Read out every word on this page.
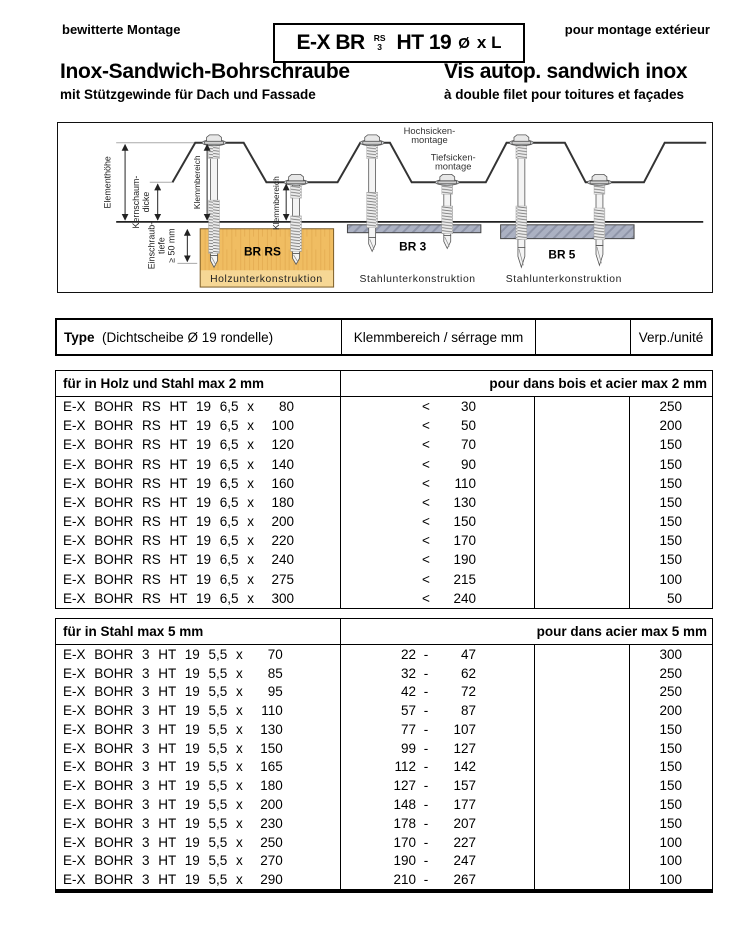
bewitterte Montage
E-X BR RS
3 HT 19 Ø x L
pour montage extérieur
Inox-Sandwich-Bohrschraube
mit Stützgewinde für Dach und Fassade
Vis autop. sandwich inox
à double filet pour toitures et façades
Elementhöhe Kernschaum- dicke
Einschraub- tiefe ≥ 50 mm
Klemmbereich	Klemmbereich
Hochsicken-
montage
Tiefsicken-
montage
BR RS	BR 3
BR 5
Holzunterkonstruktion	Stahlunterkonstruktion	Stahlunterkonstruktion
Type  (Dichtscheibe Ø 19 rondelle)	Klemmbereich / sérrage mm	Verp./unité
für in Holz und Stahl max 2 mm	pour dans bois et acier max 2 mm
E-X BOHR RS HT 19 6,5 x	80	<	30	250
E-X BOHR RS HT 19 6,5 x	100	<	50	200
E-X BOHR RS HT 19 6,5 x	120	<	70	150
E-X BOHR RS HT 19 6,5 x	140	<	90	150
E-X BOHR RS HT 19 6,5 x	160	<	110	150
E-X BOHR RS HT 19 6,5 x	180	<	130	150
E-X BOHR RS HT 19 6,5 x	200	<	150	150
E-X BOHR RS HT 19 6,5 x	220	<	170	150
E-X BOHR RS HT 19 6,5 x	240	<	190	150
E-X BOHR RS HT 19 6,5 x	275	<	215	100
E-X BOHR RS HT 19 6,5 x	300	<	240	50
für in Stahl max 5 mm	pour dans acier max 5 mm
E-X BOHR 3 HT 19 5,5 x	70	22 -	47	300
E-X BOHR 3 HT 19 5,5 x	85	32 -	62	250
E-X BOHR 3 HT 19 5,5 x	95	42 -	72	250
E-X BOHR 3 HT 19 5,5 x	110	57 -	87	200
E-X BOHR 3 HT 19 5,5 x	130	77 -	107	150
E-X BOHR 3 HT 19 5,5 x	150	99 -	127	150
E-X BOHR 3 HT 19 5,5 x	165	112 -	142	150
E-X BOHR 3 HT 19 5,5 x	180	127 -	157	150
E-X BOHR 3 HT 19 5,5 x	200	148 -	177	150
E-X BOHR 3 HT 19 5,5 x	230	178 -	207	150
E-X BOHR 3 HT 19 5,5 x	250	170 -	227	100
E-X BOHR 3 HT 19 5,5 x	270	190 -	247	100
E-X BOHR 3 HT 19 5,5 x	290	210 -	267	100
